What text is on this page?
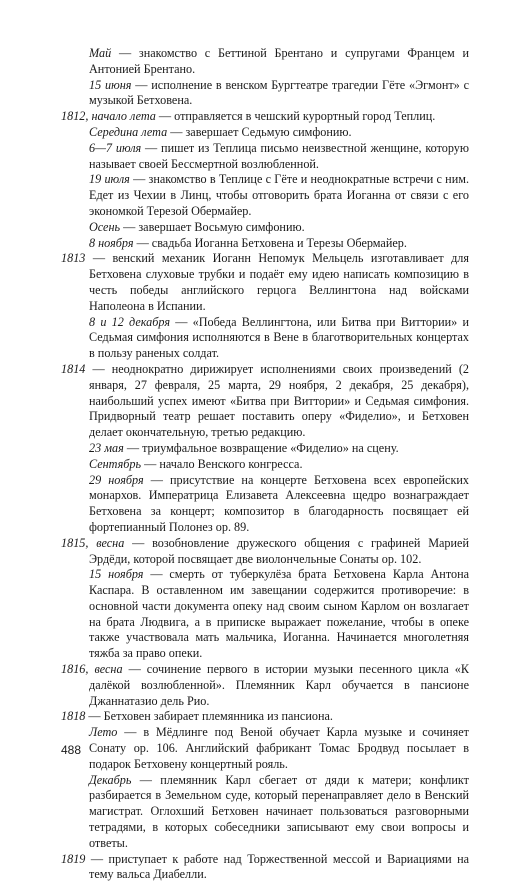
Май — знакомство с Беттиной Брентано и супругами Францем и Антонией Брентано.

15 июня — исполнение в венском Бургтеатре трагедии Гёте «Эгмонт» с музыкой Бетховена.

1812, начало лета — отправляется в чешский курортный город Теплиц.

Середина лета — завершает Седьмую симфонию.

6—7 июля — пишет из Теплица письмо неизвестной женщине, которую называет своей Бессмертной возлюбленной.

19 июля — знакомство в Теплице с Гёте и неоднократные встречи с ним. Едет из Чехии в Линц, чтобы отговорить брата Иоганна от связи с его экономкой Терезой Обермайер.

Осень — завершает Восьмую симфонию.

8 ноября — свадьба Иоганна Бетховена и Терезы Обермайер.

1813 — венский механик Иоганн Непомук Мельцель изготавливает для Бетховена слуховые трубки и подаёт ему идею написать композицию в честь победы английского герцога Веллингтона над войсками Наполеона в Испании.

8 и 12 декабря — «Победа Веллингтона, или Битва при Виттории» и Седьмая симфония исполняются в Вене в благотворительных концертах в пользу раненых солдат.

1814 — неоднократно дирижирует исполнениями своих произведений (2 января, 27 февраля, 25 марта, 29 ноября, 2 декабря, 25 декабря), наибольший успех имеют «Битва при Виттории» и Седьмая симфония. Придворный театр решает поставить оперу «Фиделио», и Бетховен делает окончательную, третью редакцию.

23 мая — триумфальное возвращение «Фиделио» на сцену.

Сентябрь — начало Венского конгресса.

29 ноября — присутствие на концерте Бетховена всех европейских монархов. Императрица Елизавета Алексеевна щедро вознаграждает Бетховена за концерт; композитор в благодарность посвящает ей фортепианный Полонез ор. 89.

1815, весна — возобновление дружеского общения с графиней Марией Эрдёди, которой посвящает две виолончельные Сонаты ор. 102.

15 ноября — смерть от туберкулёза брата Бетховена Карла Антона Каспара. В оставленном им завещании содержится противоречие: в основной части документа опеку над своим сыном Карлом он возлагает на брата Людвига, а в приписке выражает пожелание, чтобы в опеке также участвовала мать мальчика, Иоганна. Начинается многолетняя тяжба за право опеки.

1816, весна — сочинение первого в истории музыки песенного цикла «К далёкой возлюбленной». Племянник Карл обучается в пансионе Джаннатазио дель Рио.

1818 — Бетховен забирает племянника из пансиона.

Лето — в Мёдлинге под Веной обучает Карла музыке и сочиняет Сонату ор. 106. Английский фабрикант Томас Бродвуд посылает в подарок Бетховену концертный рояль.

Декабрь — племянник Карл сбегает от дяди к матери; конфликт разбирается в Земельном суде, который перенаправляет дело в Венский магистрат. Оглохший Бетховен начинает пользоваться разговорными тетрадями, в которых собеседники записывают ему свои вопросы и ответы.

1819 — приступает к работе над Торжественной мессой и Вариациями на тему вальса Диабелли.

488
